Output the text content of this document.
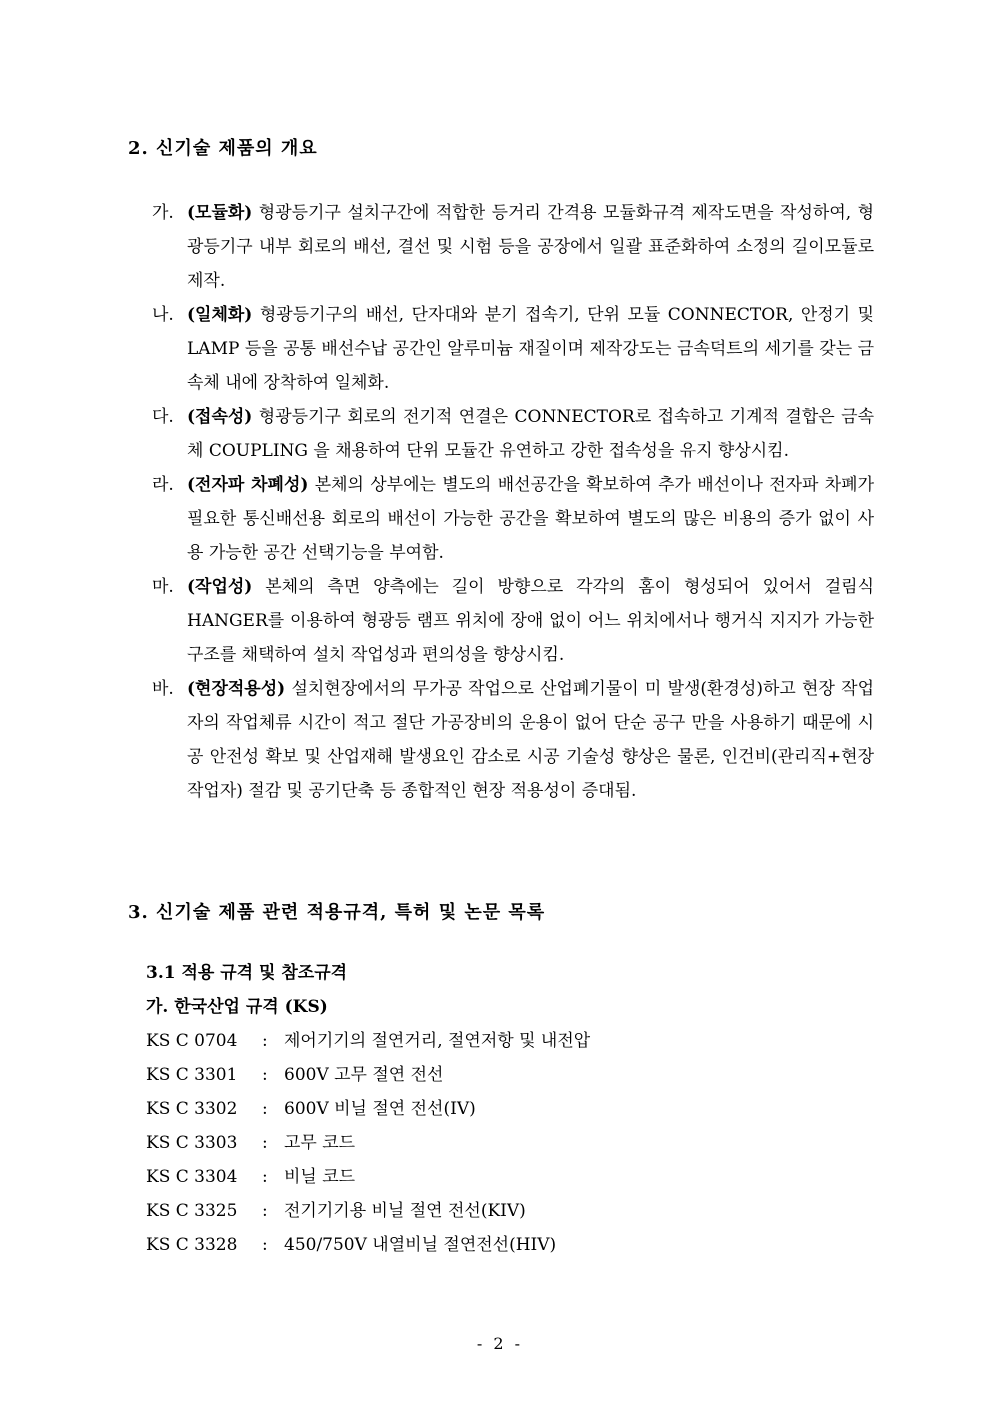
2. 신기술 제품의 개요
가. (모듈화) 형광등기구 설치구간에 적합한 등거리 간격용 모듈화규격 제작도면을 작성하여, 형광등기구 내부 회로의 배선, 결선 및 시험 등을 공장에서 일괄 표준화하여 소정의 길이모듈로 제작.
나. (일체화) 형광등기구의 배선, 단자대와 분기 접속기, 단위 모듈 CONNECTOR, 안정기 및 LAMP 등을 공통 배선수납 공간인 알루미늄 재질이며 제작강도는 금속덕트의 세기를 갖는 금속체 내에 장착하여 일체화.
다. (접속성) 형광등기구 회로의 전기적 연결은 CONNECTOR로 접속하고 기계적 결합은 금속체 COUPLING 을 채용하여 단위 모듈간 유연하고 강한 접속성을 유지 향상시킴.
라. (전자파 차폐성) 본체의 상부에는 별도의 배선공간을 확보하여 추가 배선이나 전자파 차폐가 필요한 통신배선용 회로의 배선이 가능한 공간을 확보하여 별도의 많은 비용의 증가 없이 사용 가능한 공간 선택기능을 부여함.
마. (작업성) 본체의 측면 양측에는 길이 방향으로 각각의 홈이 형성되어 있어서 걸림식 HANGER를 이용하여 형광등 램프 위치에 장애 없이 어느 위치에서나 행거식 지지가 가능한 구조를 채택하여 설치 작업성과 편의성을 향상시킴.
바. (현장적용성) 설치현장에서의 무가공 작업으로 산업폐기물이 미 발생(환경성)하고 현장 작업자의 작업체류 시간이 적고 절단 가공장비의 운용이 없어 단순 공구 만을 사용하기 때문에 시공 안전성 확보 및 산업재해 발생요인 감소로 시공 기술성 향상은 물론, 인건비(관리직+현장작업자) 절감 및 공기단축 등 종합적인 현장 적용성이 증대됨.
3. 신기술 제품 관련 적용규격, 특허 및 논문 목록
3.1 적용 규격 및 참조규격
가. 한국산업 규격 (KS)
KS C 0704 : 제어기기의 절연거리, 절연저항 및 내전압
KS C 3301 : 600V 고무 절연 전선
KS C 3302 : 600V 비닐 절연 전선(IV)
KS C 3303 : 고무 코드
KS C 3304 : 비닐 코드
KS C 3325 : 전기기기용 비닐 절연 전선(KIV)
KS C 3328 : 450/750V 내열비닐 절연전선(HIV)
- 2 -
